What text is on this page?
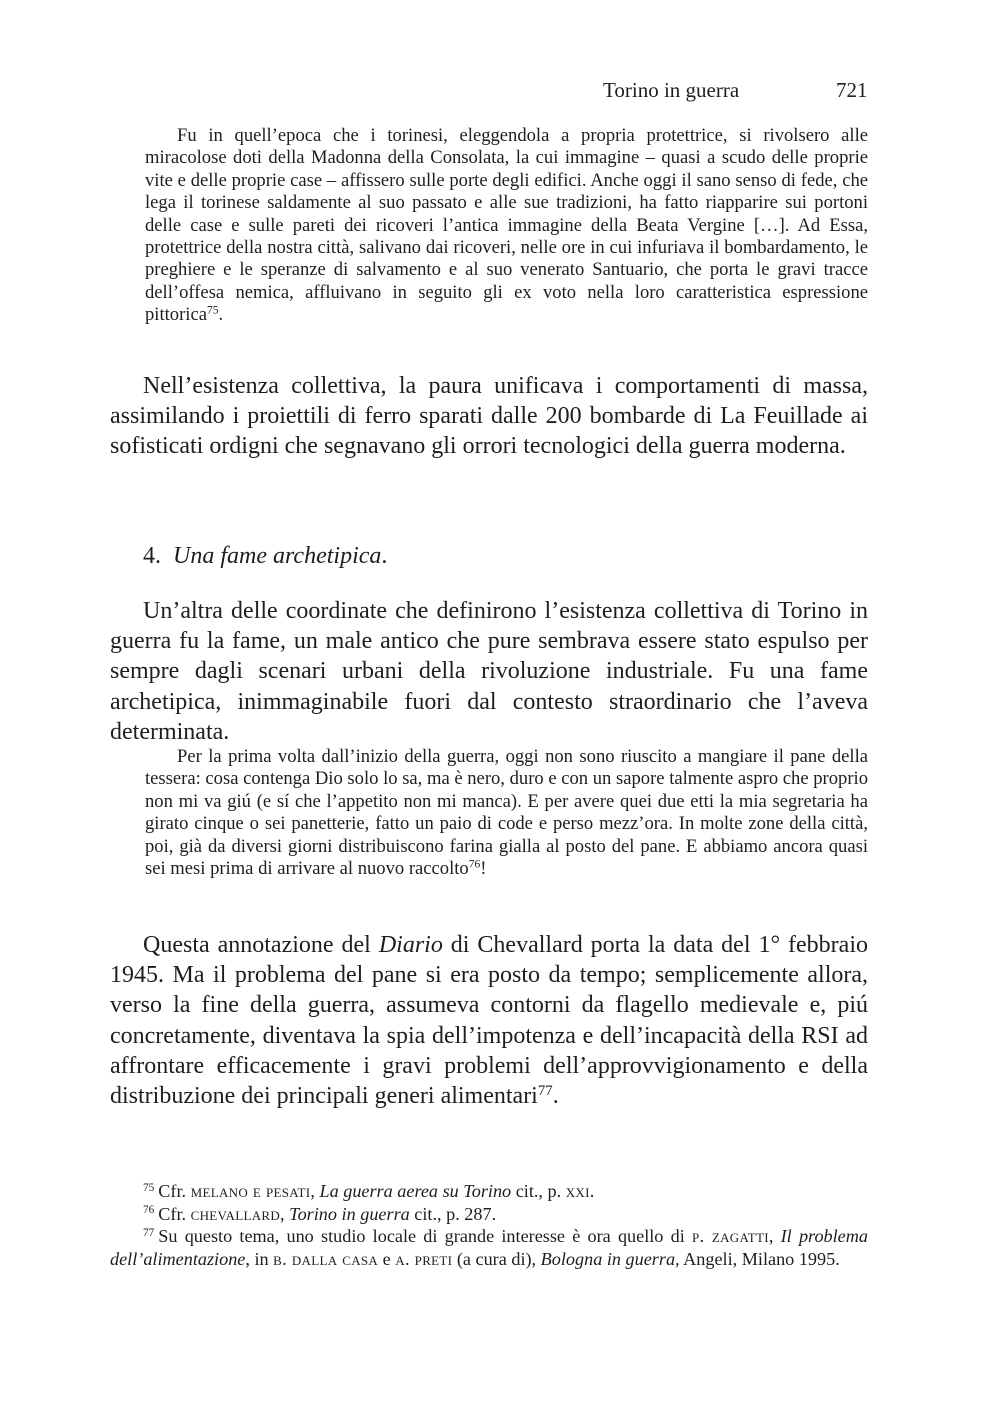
Torino in guerra	721

Fu in quell’epoca che i torinesi, eleggendola a propria protettrice, si rivolsero alle miracolose doti della Madonna della Consolata, la cui immagine – quasi a scudo delle proprie vite e delle proprie case – affissero sulle porte degli edifici. Anche oggi il sano senso di fede, che lega il torinese saldamente al suo passato e alle sue tradizioni, ha fatto riapparire sui portoni delle case e sulle pareti dei ricoveri l’antica immagine della Beata Vergine […]. Ad Essa, protettrice della nostra città, salivano dai ricoveri, nelle ore in cui infuriava il bombardamento, le preghiere e le speranze di salvamento e al suo venerato Santuario, che porta le gravi tracce dell’offesa nemica, affluivano in seguito gli ex voto nella loro caratteristica espressione pittorica$^{75}$.

Nell’esistenza collettiva, la paura unificava i comportamenti di massa, assimilando i proiettili di ferro sparati dalle 200 bombarde di La Feuillade ai sofisticati ordigni che segnavano gli orrori tecnologici della guerra moderna.

4. Una fame archetipica.

Un’altra delle coordinate che definirono l’esistenza collettiva di Torino in guerra fu la fame, un male antico che pure sembrava essere stato espulso per sempre dagli scenari urbani della rivoluzione industriale. Fu una fame archetipica, inimmaginabile fuori dal contesto straordinario che l’aveva determinata.

Per la prima volta dall’inizio della guerra, oggi non sono riuscito a mangiare il pane della tessera: cosa contenga Dio solo lo sa, ma è nero, duro e con un sapore talmente aspro che proprio non mi va giú (e sí che l’appetito non mi manca). E per avere quei due etti la mia segretaria ha girato cinque o sei panetterie, fatto un paio di code e perso mezz’ora. In molte zone della città, poi, già da diversi giorni distribuiscono farina gialla al posto del pane. E abbiamo ancora quasi sei mesi prima di arrivare al nuovo raccolto$^{76}$!

Questa annotazione del Diario di Chevallard porta la data del 1° febbraio 1945. Ma il problema del pane si era posto da tempo; semplicemente allora, verso la fine della guerra, assumeva contorni da flagello medievale e, piú concretamente, diventava la spia dell’impotenza e dell’incapacità della RSI ad affrontare efficacemente i gravi problemi dell’approvvigionamento e della distribuzione dei principali generi alimentari$^{77}$.

$^{75}$ Cfr. melano e pesati, La guerra aerea su Torino cit., p. xxi.

$^{76}$ Cfr. chevallard, Torino in guerra cit., p. 287.

$^{77}$ Su questo tema, uno studio locale di grande interesse è ora quello di p. zagatti, Il problema dell’alimentazione, in b. dalla casa e a. preti (a cura di), Bologna in guerra, Angeli, Milano 1995.
